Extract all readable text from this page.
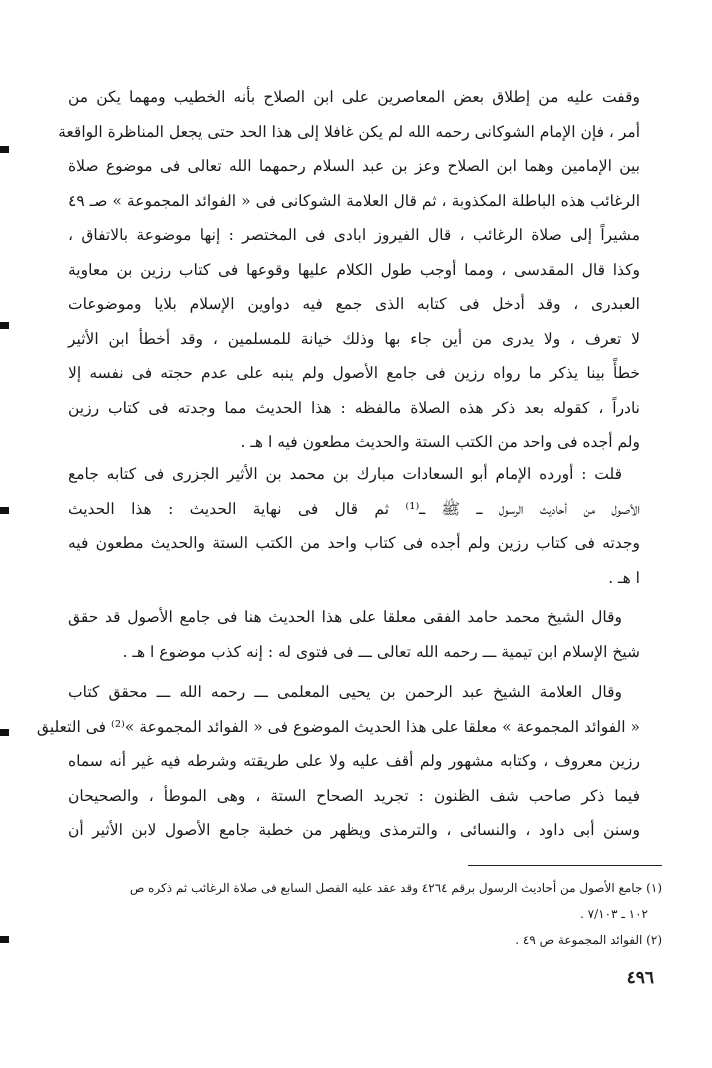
وقفت عليه من إطلاق بعض المعاصرين على ابن الصلاح بأنه الخطيب ومهما يكن من
أمر ، فإن الإمام الشوكانى رحمه الله لم يكن غافلا إلى هذا الحد حتى يجعل المناظرة الواقعة
بين الإمامين وهما ابن الصلاح وعز بن عبد السلام رحمهما الله تعالى فى موضوع صلاة
الرغائب هذه الباطلة المكذوبة ، ثم قال العلامة الشوكانى فى « الفوائد المجموعة » صـ ٤٩
مشيراً إلى صلاة الرغائب ، قال الفيروز ابادى فى المختصر : إنها موضوعة بالاتفاق ،
وكذا قال المقدسى ، ومما أوجب طول الكلام عليها وقوعها فى كتاب رزين بن معاوية
العبدرى ، وقد أدخل فى كتابه الذى جمع فيه دواوين الإسلام بلايا وموضوعات
لا تعرف ، ولا يدرى من أين جاء بها وذلك خيانة للمسلمين ، وقد أخطأ ابن الأثير
خطأً بينا يذكر ما رواه رزين فى جامع الأصول ولم ينبه على عدم حجته فى نفسه إلا
نادراً ، كقوله بعد ذكر هذه الصلاة مالفظه : هذا الحديث مما وجدته فى كتاب رزين
ولم أجده فى واحد من الكتب الستة والحديث مطعون فيه ا هـ .
قلت : أورده الإمام أبو السعادات مبارك بن محمد بن الأثير الجزرى فى كتابه جامع
الأصول من أحاديث الرسول ـــ ﷺ ـــ⁽¹⁾ ثم قال فى نهاية الحديث : هذا الحديث
وجدته فى كتاب رزين ولم أجده فى كتاب واحد من الكتب الستة والحديث مطعون فيه
ا هـ .
وقال الشيخ محمد حامد الفقى معلقا على هذا الحديث هنا فى جامع الأصول قد حقق
شيخ الإسلام ابن تيمية ـــ رحمه الله تعالى ـــ فى فتوى له : إنه كذب موضوع ا هـ .
وقال العلامة الشيخ عبد الرحمن بن يحيى المعلمى ـــ رحمه الله ـــ محقق كتاب
« الفوائد المجموعة » معلقا على هذا الحديث الموضوع فى « الفوائد المجموعة »⁽²⁾ فى التعليق
رزين معروف ، وكتابه مشهور ولم أقف عليه ولا على طريقته وشرطه فيه غير أنه سماه
فيما ذكر صاحب شف الظنون : تجريد الصحاح الستة ، وهى الموطأ ، والصحيحان
وسنن أبى داود ، والنسائى ، والترمذى ويظهر من خطبة جامع الأصول لابن الأثير أن
(١) جامع الأصول من أحاديث الرسول برقم ٤٢٦٤ وقد عقد عليه الفصل السابع فى صلاة الرغائب ثم ذكره ص
١٠٢ ـ ٧/١٠٣ .
(٢) الفوائد المجموعة ص ٤٩ .
٤٩٦
